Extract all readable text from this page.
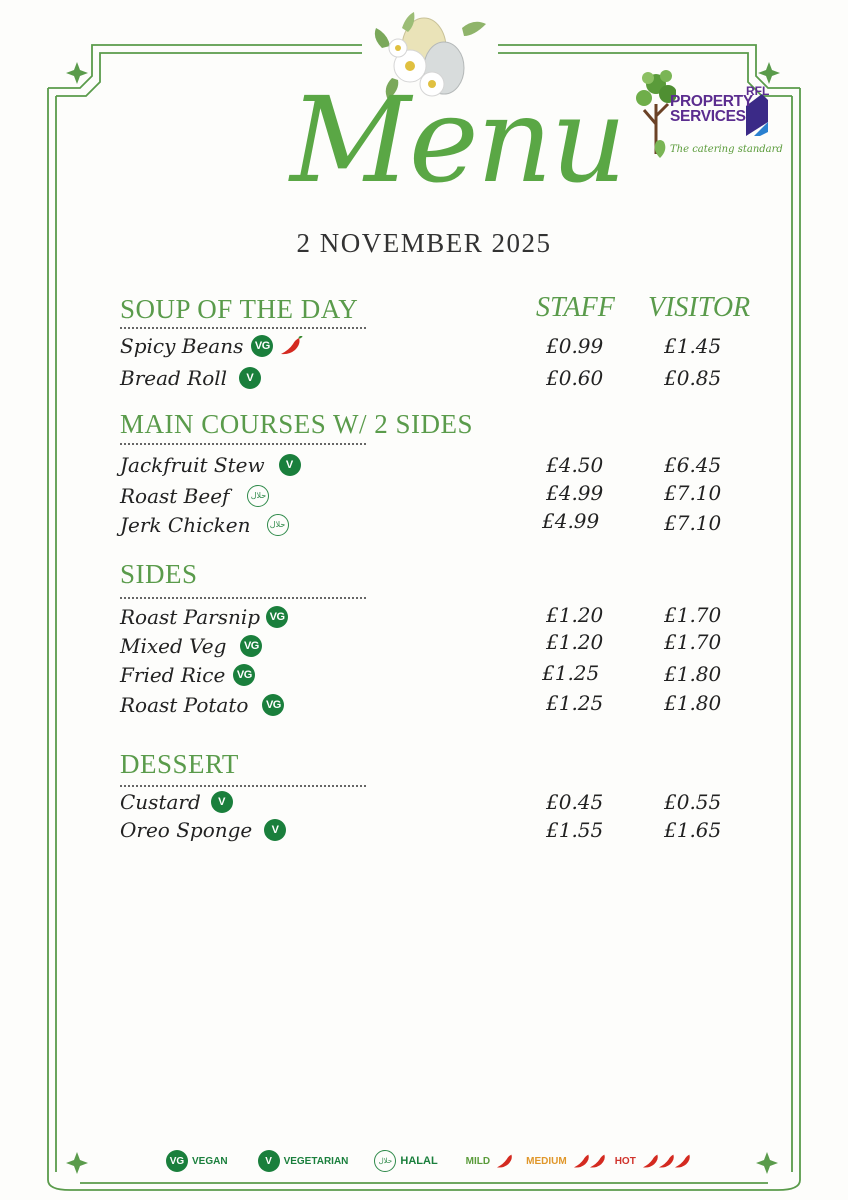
Menu
2 NOVEMBER 2025
RFL
PROPERTY
SERVICES
The catering standard
STAFF VISITOR
SOUP OF THE DAY
Spicy Beans	VG	£0.99	£1.45
Bread Roll	V	£0.60	£0.85
MAIN COURSES W/ 2 SIDES
Jackfruit Stew	V	£4.50	£6.45
Roast Beef	حلال	£4.99	£7.10
Jerk Chicken	حلال	£4.99	£7.10
SIDES
Roast Parsnip VG	£1.20	£1.70
Mixed Veg	VG	£1.20	£1.70
Fried Rice	VG	£1.25	£1.80
Roast Potato	VG	£1.25	£1.80
DESSERT
Custard	V	£0.45	£0.55
Oreo Sponge	V	£1.55	£1.65
VG VEGAN	V	VEGETARIAN	حلال HALAL	MILD	MEDIUM	HOT
